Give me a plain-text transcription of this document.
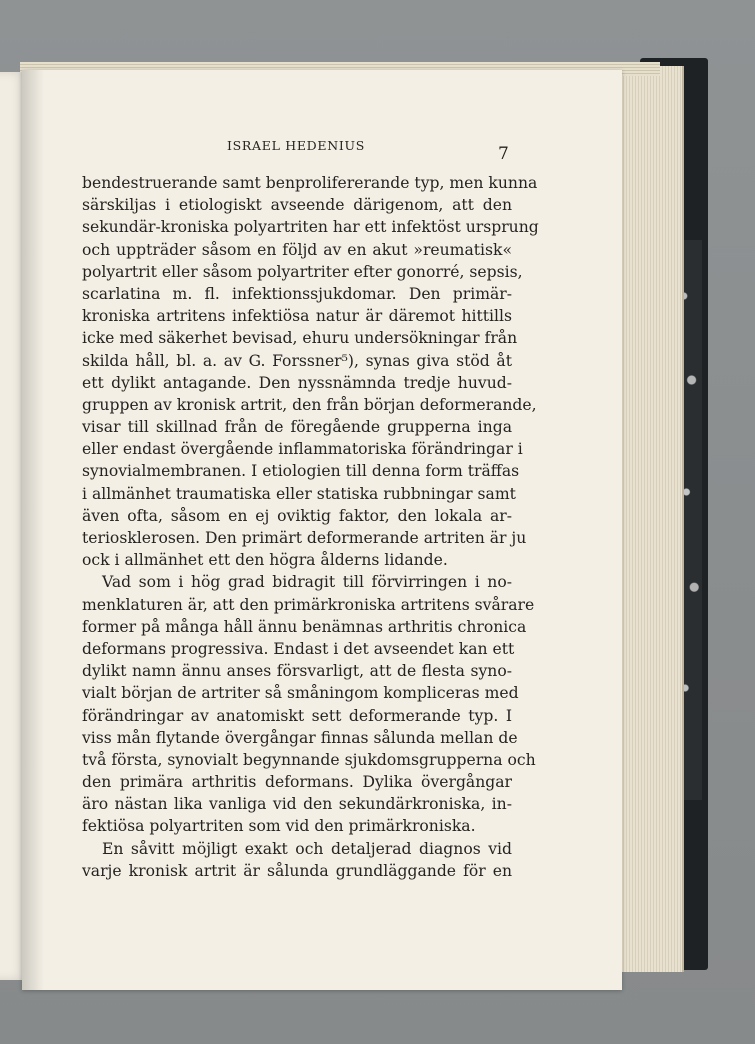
ISRAEL HEDENIUS	7
bendestruerande samt benprolifererande typ, men kunna
särskiljas i etiologiskt avseende därigenom, att den
sekundär-kroniska polyartriten har ett infektöst ursprung
och uppträder såsom en följd av en akut »reumatisk«
polyartrit eller såsom polyartriter efter gonorré, sepsis,
scarlatina m. fl. infektionssjukdomar. Den primär-
kroniska artritens infektiösa natur är däremot hittills
icke med säkerhet bevisad, ehuru undersökningar från
skilda håll, bl. a. av G. Forssner⁵), synas giva stöd åt
ett dylikt antagande. Den nyssnämnda tredje huvud-
gruppen av kronisk artrit, den från början deformerande,
visar till skillnad från de föregående grupperna inga
eller endast övergående inflammatoriska förändringar i
synovialmembranen. I etiologien till denna form träffas
i allmänhet traumatiska eller statiska rubbningar samt
även ofta, såsom en ej oviktig faktor, den lokala ar-
teriosklerosen. Den primärt deformerande artriten är ju
ock i allmänhet ett den högra ålderns lidande.
Vad som i hög grad bidragit till förvirringen i no-
menklaturen är, att den primärkroniska artritens svårare
former på många håll ännu benämnas arthritis chronica
deformans progressiva. Endast i det avseendet kan ett
dylikt namn ännu anses försvarligt, att de flesta syno-
vialt början de artriter så småningom kompliceras med
förändringar av anatomiskt sett deformerande typ. I
viss mån flytande övergångar finnas sålunda mellan de
två första, synovialt begynnande sjukdomsgrupperna och
den primära arthritis deformans. Dylika övergångar
äro nästan lika vanliga vid den sekundärkroniska, in-
fektiösa polyartriten som vid den primärkroniska.
En såvitt möjligt exakt och detaljerad diagnos vid
varje kronisk artrit är sålunda grundläggande för en
